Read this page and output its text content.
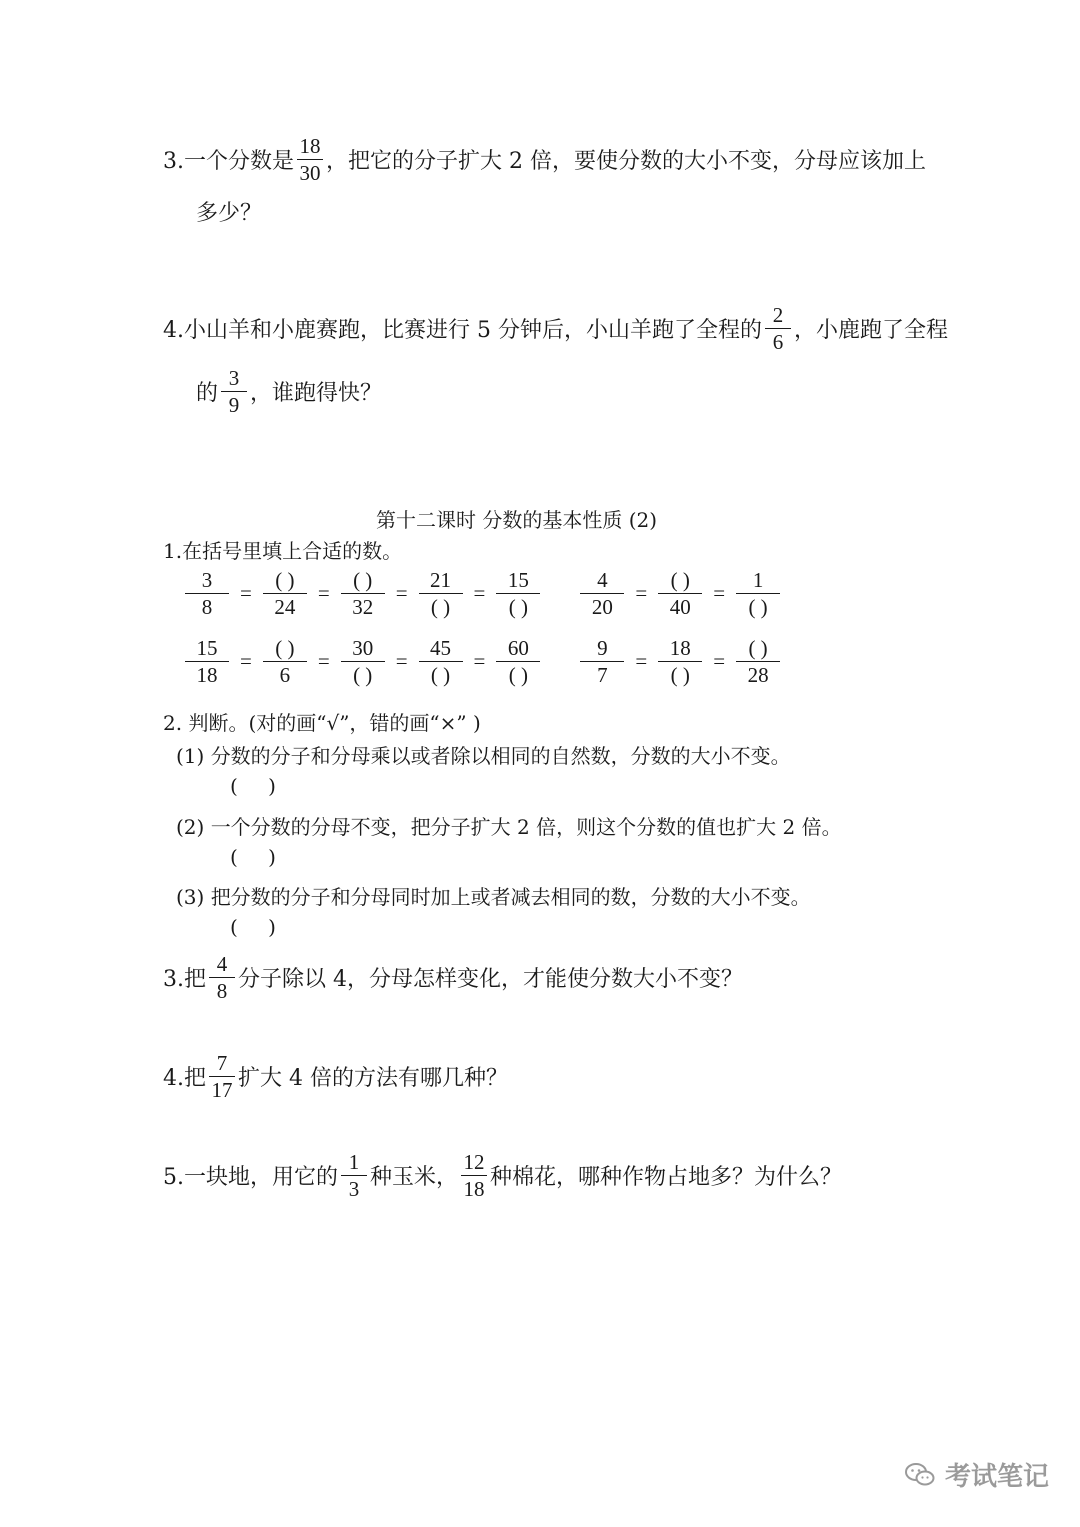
3.一个分数是 $\frac{18}{30}$ ，把它的分子扩大 2 倍，要使分数的大小不变，分母应该加上
多少？
4.小山羊和小鹿赛跑，比赛进行 5 分钟后，小山羊跑了全程的 $\frac{2}{6}$ ，小鹿跑了全程
的 $\frac{3}{9}$ ，谁跑得快？
第十二课时 分数的基本性质 (2)
1.在括号里填上合适的数。
$\frac{3}{8} = \frac{( )}{24} = \frac{( )}{32} = \frac{21}{( )} = \frac{15}{( )} \frac{4}{20} = \frac{( )}{40} = \frac{1}{( )}$
$\frac{15}{18} = \frac{( )}{6} = \frac{30}{( )} = \frac{45}{( )} = \frac{60}{( )} \frac{9}{7} = \frac{18}{( )} = \frac{( )}{28}$
2. 判断。(对的画“√”，错的画“×” )
(1) 分数的分子和分母乘以或者除以相同的自然数，分数的大小不变。
( )
(2) 一个分数的分母不变，把分子扩大 2 倍，则这个分数的值也扩大 2 倍。
( )
(3) 把分数的分子和分母同时加上或者减去相同的数，分数的大小不变。
( )
3.把 $\frac{4}{8}$ 分子除以 4，分母怎样变化，才能使分数大小不变？
4.把 $\frac{7}{17}$ 扩大 4 倍的方法有哪几种？
5.一块地，用它的 $\frac{1}{3}$ 种玉米， $\frac{12}{18}$ 种棉花，哪种作物占地多？为什么？
考试笔记
